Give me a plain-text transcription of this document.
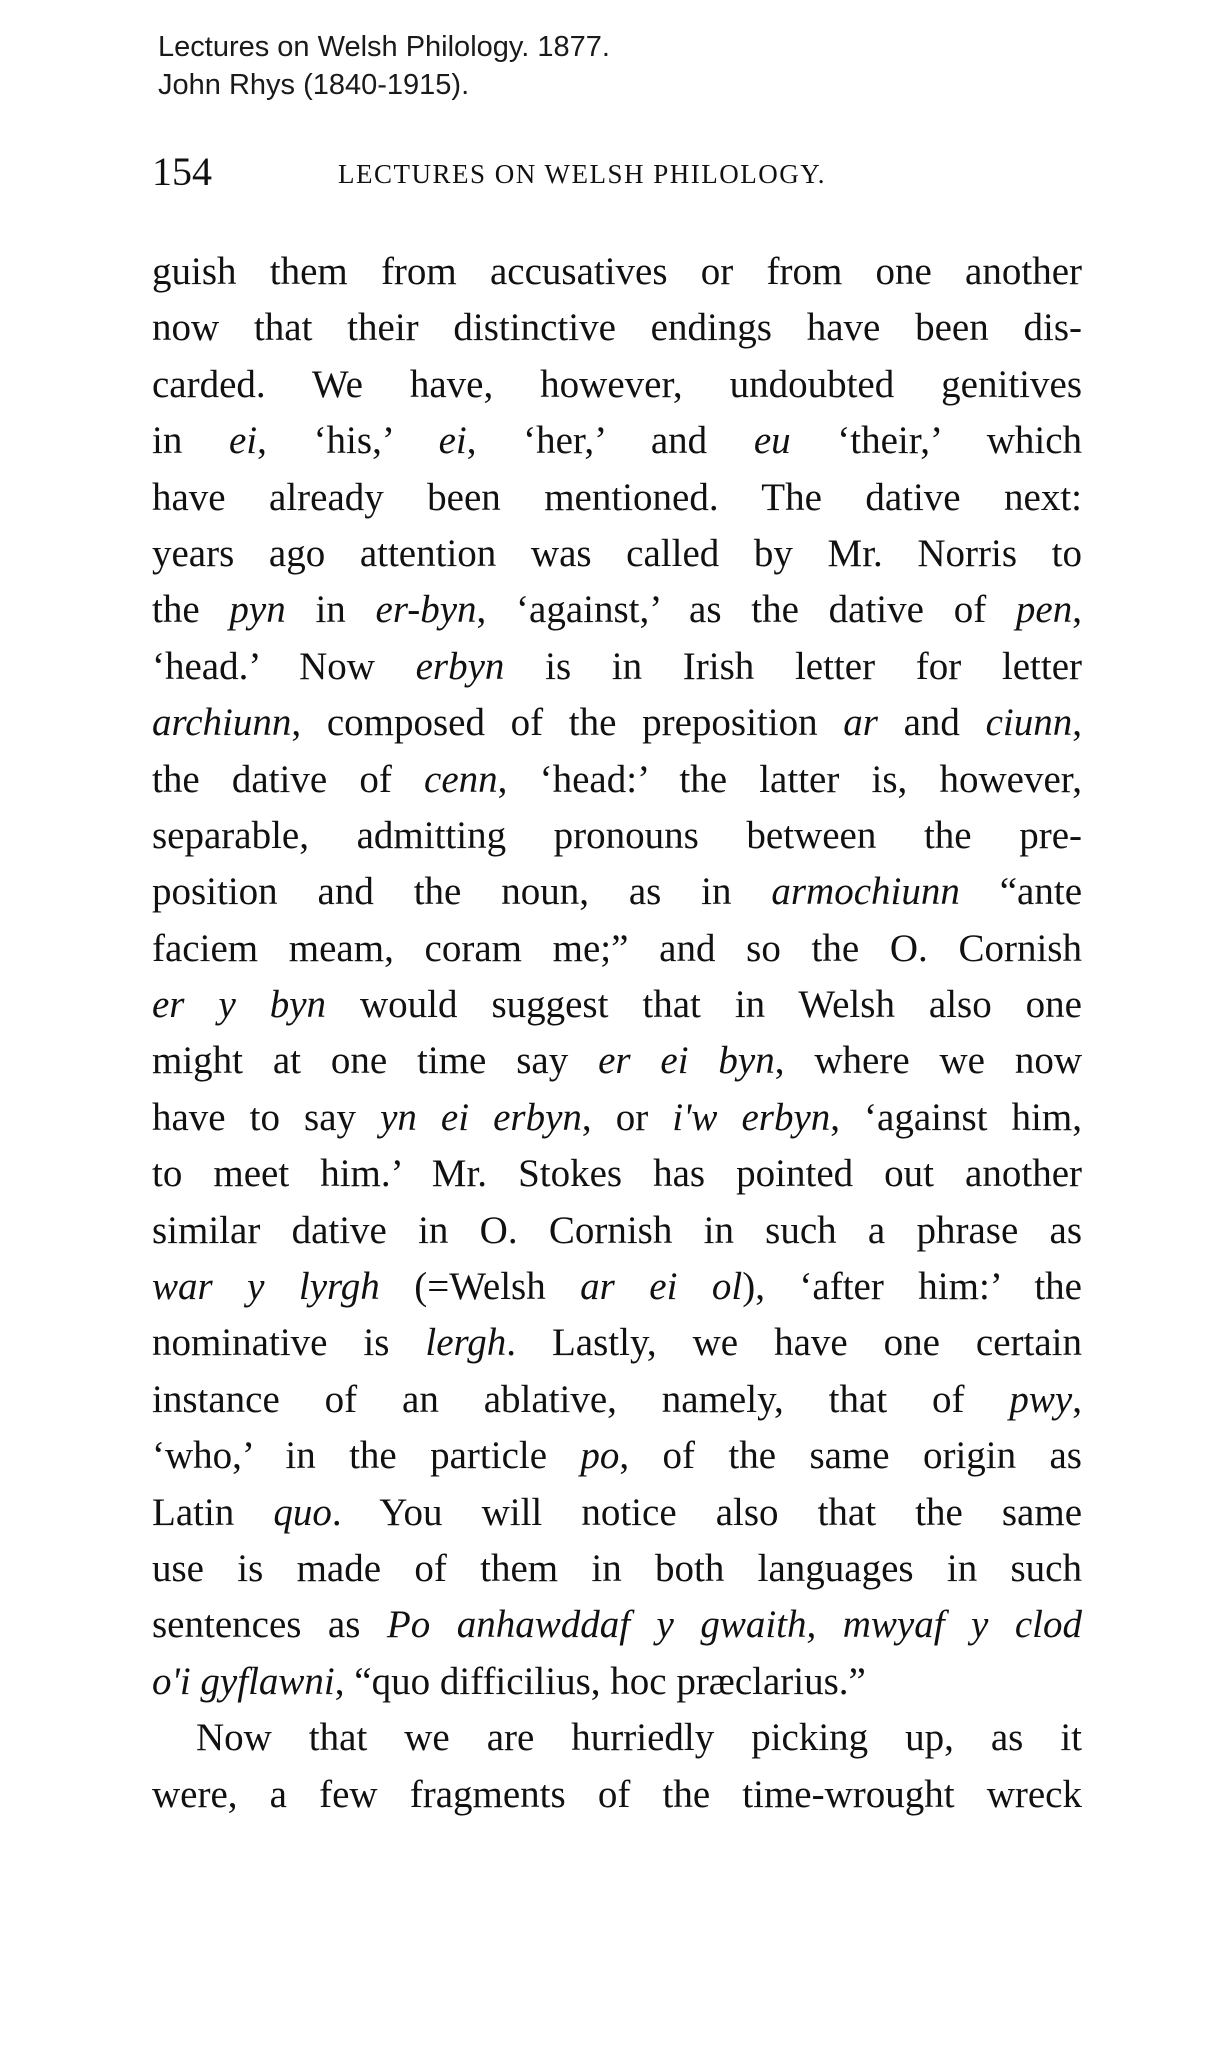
Lectures on Welsh Philology. 1877.
John Rhys (1840-1915).
154	LECTURES ON WELSH PHILOLOGY.
guish them from accusatives or from one another
now that their distinctive endings have been dis-
carded. We have, however, undoubted genitives
in ei, ‘his,’ ei, ‘her,’ and eu ‘their,’ which
have already been mentioned. The dative next:
years ago attention was called by Mr. Norris to
the pyn in er-byn, ‘against,’ as the dative of pen,
‘head.’ Now erbyn is in Irish letter for letter
archiunn, composed of the preposition ar and ciunn,
the dative of cenn, ‘head:’ the latter is, however,
separable, admitting pronouns between the pre-
position and the noun, as in armochiunn “ante
faciem meam, coram me;” and so the O. Cornish
er y byn would suggest that in Welsh also one
might at one time say er ei byn, where we now
have to say yn ei erbyn, or i'w erbyn, ‘against him,
to meet him.’ Mr. Stokes has pointed out another
similar dative in O. Cornish in such a phrase as
war y lyrgh (=Welsh ar ei ol), ‘after him:’ the
nominative is lergh. Lastly, we have one certain
instance of an ablative, namely, that of pwy,
‘who,’ in the particle po, of the same origin as
Latin quo. You will notice also that the same
use is made of them in both languages in such
sentences as Po anhawddaf y gwaith, mwyaf y clod
o'i gyflawni, “quo difficilius, hoc præclarius.”
Now that we are hurriedly picking up, as it
were, a few fragments of the time-wrought wreck
